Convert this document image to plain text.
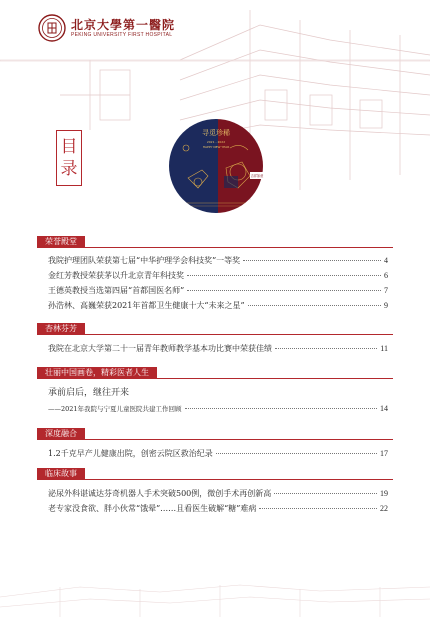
北京大學第一醫院
PEKING UNIVERSITY FIRST HOSPITAL
目
录
寻觅珍稀
2021 - 2022
HAPPY NEW YEAR
吉祥如意
荣誉殿堂
我院护理团队荣获第七届“中华护理学会科技奖”一等奖	4
金红芳教授荣获茅以升北京青年科技奖	6
王德英教授当选第四届“首都国医名师”	7
孙浩林、高巍荣获2021年首都卫生健康十大“未来之星”	9
杏林芬芳
我院在北京大学第二十一届青年教师教学基本功比赛中荣获佳绩	11
壮丽中国画卷，精彩医者人生
承前启后，继往开来
——2021年我院与宁夏儿童医院共建工作回顾	14
深度融合
1.2千克早产儿健康出院，创密云院区救治纪录	17
临床故事
泌尿外科谌诚达芬奇机器人手术突破500例，微创手术再创新高	19
老专家没食欲、胖小伙常“饿晕”……且看医生破解“糖”难病	22
